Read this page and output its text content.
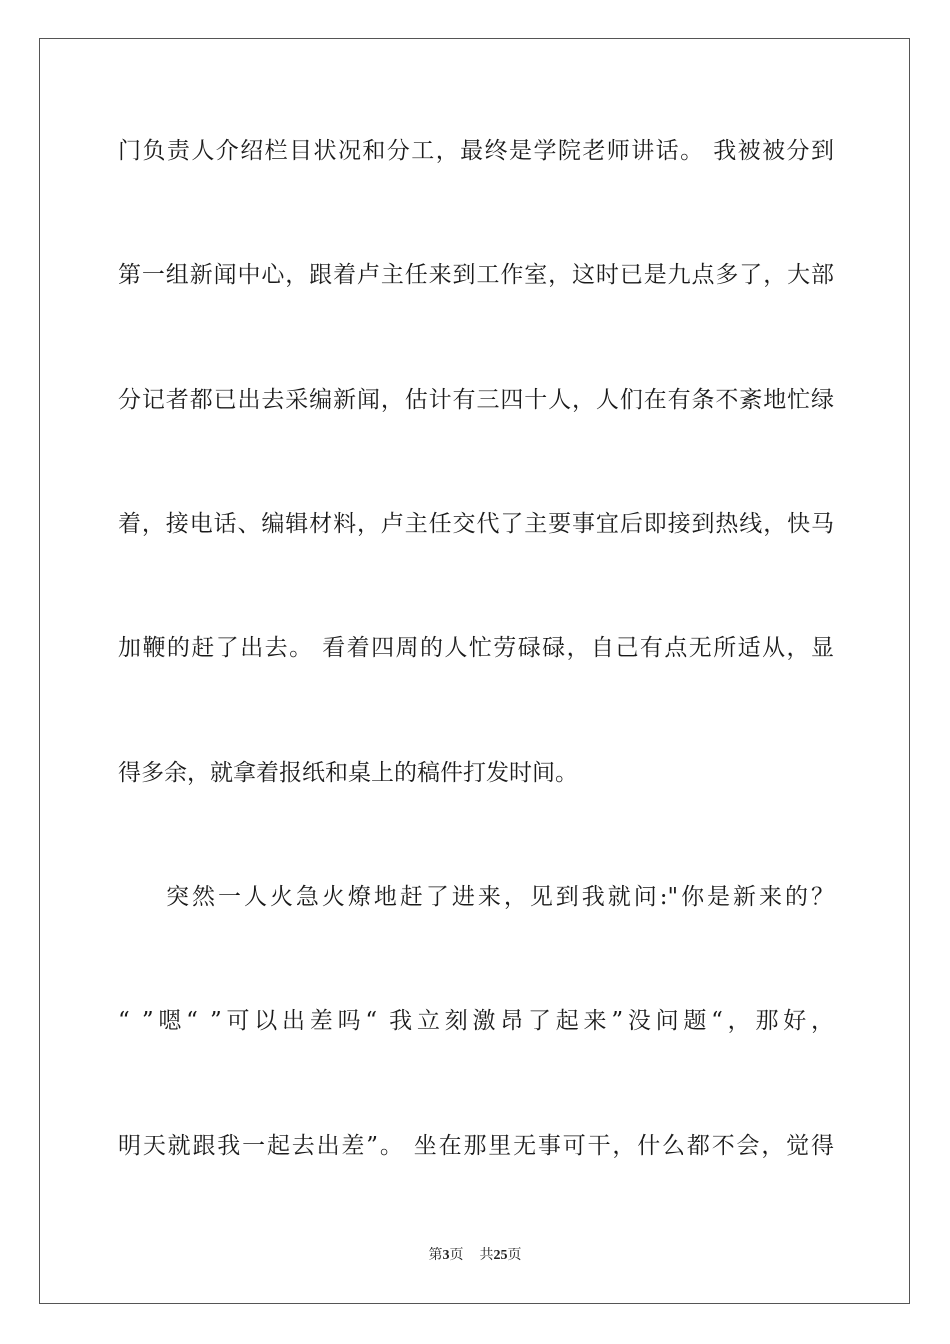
门负责人介绍栏目状况和分工，最终是学院老师讲话。 我被被分到
第一组新闻中心，跟着卢主任来到工作室，这时已是九点多了，大部
分记者都已出去采编新闻，估计有三四十人，人们在有条不紊地忙绿
着，接电话、编辑材料，卢主任交代了主要事宜后即接到热线，快马
加鞭的赶了出去。 看着四周的人忙劳碌碌，自己有点无所适从，显
得多余，就拿着报纸和桌上的稿件打发时间。
突然一人火急火燎地赶了进来，见到我就问:"你是新来的？
“ ”嗯“ ”可以出差吗“ 我立刻激昂了起来”没问题“，那好，
明天就跟我一起去出差”。 坐在那里无事可干，什么都不会，觉得
第3页 共25页
